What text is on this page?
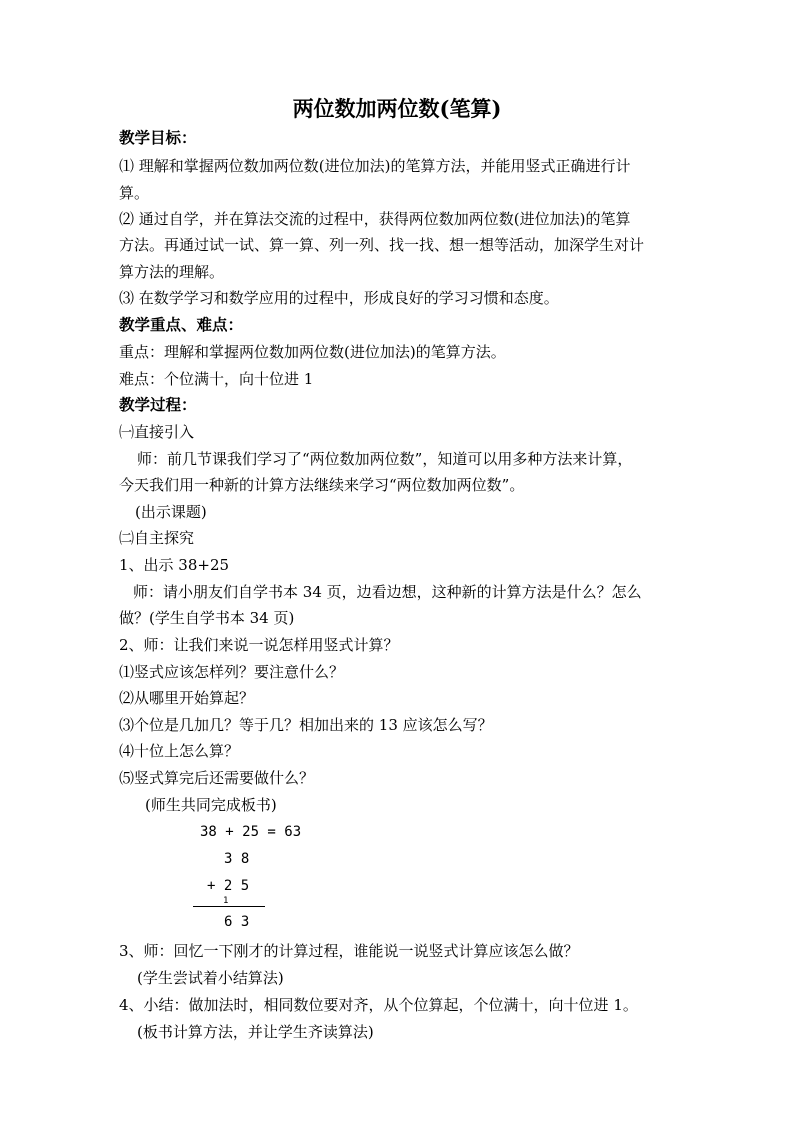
两位数加两位数(笔算)
教学目标：
⑴ 理解和掌握两位数加两位数(进位加法)的笔算方法，并能用竖式正确进行计
算。
⑵ 通过自学，并在算法交流的过程中，获得两位数加两位数(进位加法)的笔算
方法。再通过试一试、算一算、列一列、找一找、想一想等活动，加深学生对计
算方法的理解。
⑶ 在数学学习和数学应用的过程中，形成良好的学习习惯和态度。
教学重点、难点：
重点：理解和掌握两位数加两位数(进位加法)的笔算方法。
难点：个位满十，向十位进 1
教学过程：
㈠直接引入
师：前几节课我们学习了“两位数加两位数”，知道可以用多种方法来计算，
今天我们用一种新的计算方法继续来学习“两位数加两位数”。
(出示课题)
㈡自主探究
1、出示 38+25
师：请小朋友们自学书本 34 页，边看边想，这种新的计算方法是什么？怎么
做？(学生自学书本 34 页)
2、师：让我们来说一说怎样用竖式计算？
⑴竖式应该怎样列？要注意什么？
⑵从哪里开始算起？
⑶个位是几加几？等于几？相加出来的 13 应该怎么写？
⑷十位上怎么算？
⑸竖式算完后还需要做什么？
(师生共同完成板书)
38 + 25 = 63
3 8
+ 2 5
1
6 3
3、师：回忆一下刚才的计算过程，谁能说一说竖式计算应该怎么做？
(学生尝试着小结算法)
4、小结：做加法时，相同数位要对齐，从个位算起，个位满十，向十位进 1。
(板书计算方法，并让学生齐读算法)
